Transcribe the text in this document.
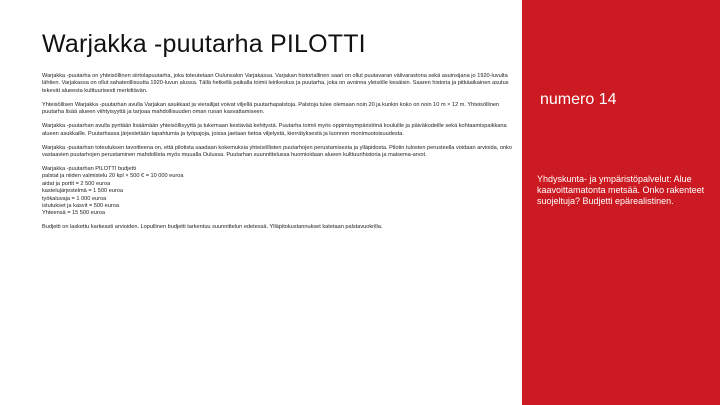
Warjakka -puutarha PILOTTI

Warjakka -puutarha on yhteisöllinen siirtolapuutarha, joka toteutetaan Oulunsalon Varjakassa. Varjakan historiallinen saari on ollut puutavaran välivarastona sekä asuinsijana jo 1920-luvulta lähtien. Varjakassa on ollut sahateollisuutta 1920-luvun alussa. Tällä hetkellä paikalla toimii leirikeskus ja puutarha, joka on avoinna yleisölle kesäisin. Saaren historia ja pitkäaikainen asutus tekevät alueesta kulttuurisesti merkittävän.

Yhteisöllisen Warjakka -puutarhan avulla Varjakan asukkaat ja vierailijat voivat viljellä puutarhapalstoja. Palstoja tulee olemaan noin 20 ja kunkin koko on noin 10 m × 12 m. Yhteisöllinen puutarha lisää alueen viihtyisyyttä ja tarjoaa mahdollisuuden oman ruoan kasvattamiseen.

Warjakka -puutarhan avulla pyritään lisäämään yhteisöllisyyttä ja tukemaan kestävää kehitystä. Puutarha toimii myös oppimisympäristönä kouluille ja päiväkodeille sekä kohtaamispaikkana alueen asukkaille. Puutarhassa järjestetään tapahtumia ja työpajoja, joissa jaetaan tietoa viljelystä, kierrätyksestä ja luonnon monimuotoisuudesta.

Warjakka -puutarhan toteutuksen tavoitteena on, että pilotista saadaan kokemuksia yhteisöllisten puutarhojen perustamisesta ja ylläpidosta. Pilotin tulosten perusteella voidaan arvioida, onko vastaavien puutarhojen perustaminen mahdollista myös muualla Oulussa. Puutarhan suunnittelussa huomioidaan alueen kulttuurihistoria ja maisema-arvot.

Warjakka -puutarhan PILOTTI budjetti

palstat ja niiden valmistelu 20 kpl × 500 € = 10 000 euroa

aidat ja portit = 2 500 euroa

kastelujärjestelmä = 1 500 euroa

työkaluvaja = 1 000 euroa

istutukset ja kasvit = 500 euroa

Yhteensä = 15 500 euroa

Budjetti on laskettu karkeasti arvioiden. Lopullinen budjetti tarkentuu suunnittelun edetessä. Ylläpitokustannukset katetaan palstavuokrilla.

numero 14
Yhdyskunta- ja ympäristöpalvelut: Alue kaavoittamatonta metsää. Onko rakenteet suojeltuja? Budjetti epärealistinen.
